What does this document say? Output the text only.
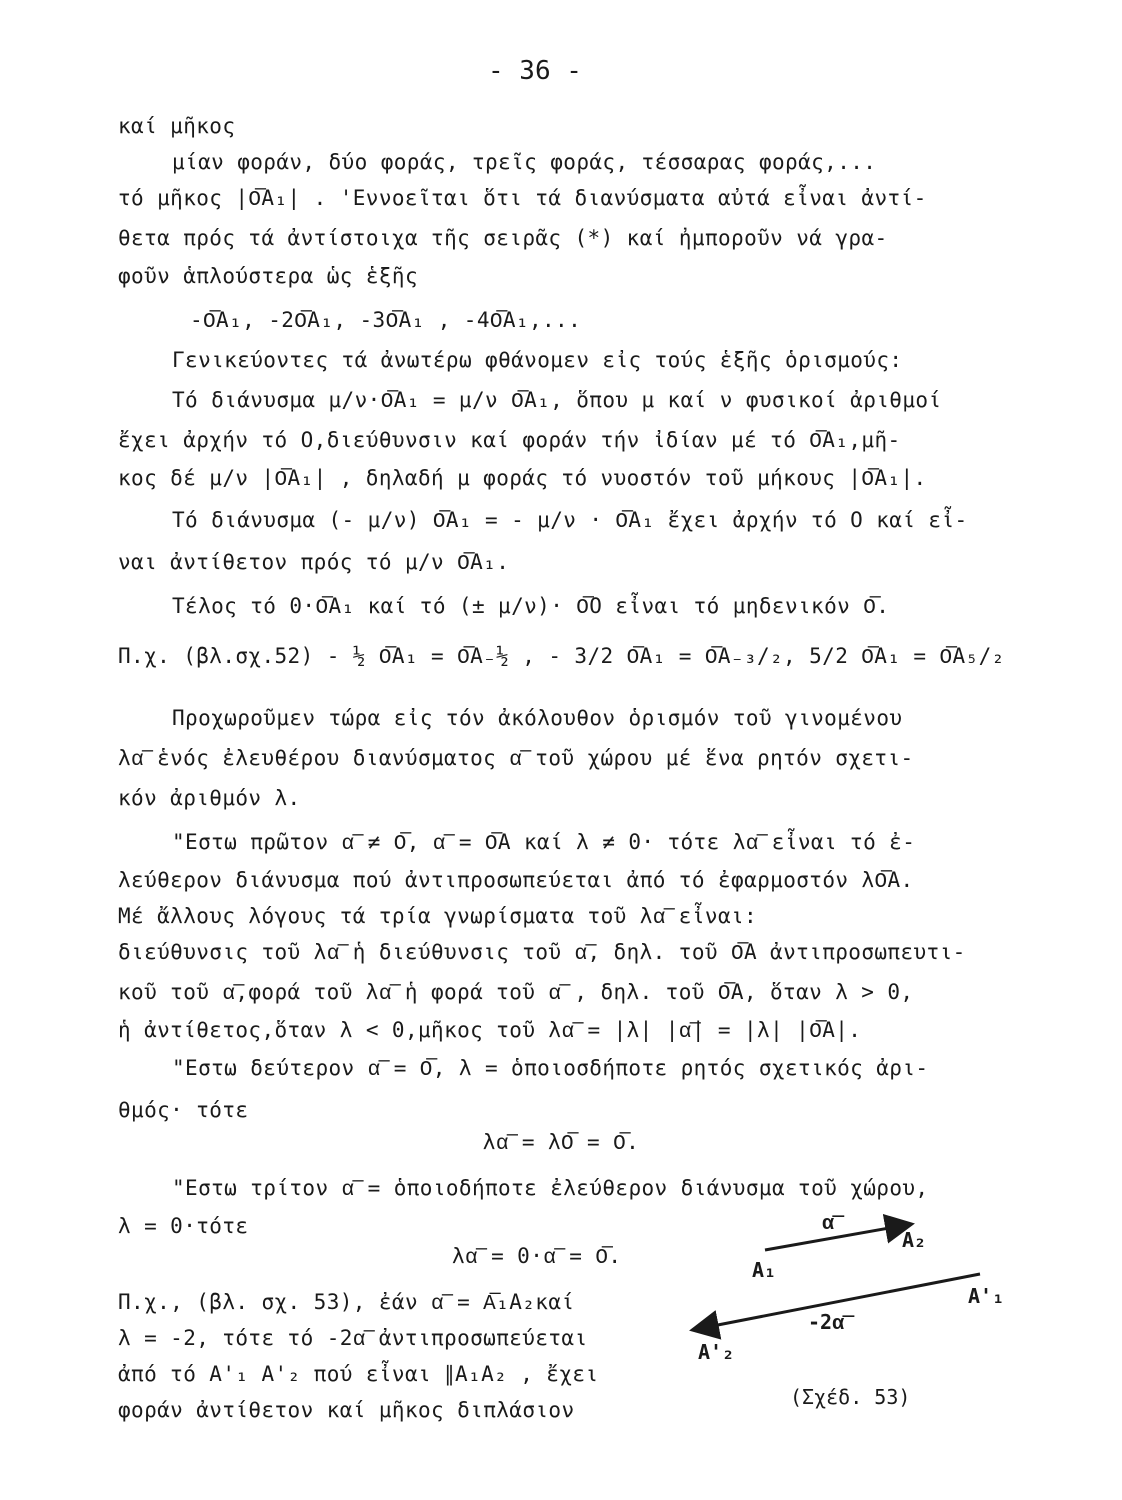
- 36 -
καί μῆκος
μίαν φοράν, δύο φοράς, τρεῖς φοράς, τέσσαρας φοράς,...
τό μῆκος |O͞A₁| . 'Εννοεῖται ὅτι τά διανύσματα αὐτά εἶναι ἀντί-
θετα πρός τά ἀντίστοιχα τῆς σειρᾶς (*) καί ἠμποροῦν νά γρα-
φοῦν ἁπλούστερα ὡς ἑξῆς
-O͞A₁, -2O͞A₁, -3O͞A₁ , -4O͞A₁,...
Γενικεύοντες τά ἀνωτέρω φθάνομεν εἰς τούς ἑξῆς ὁρισμούς:
Τό διάνυσμα μ/ν·O͞A₁ = μ/ν O͞A₁, ὅπου μ καί ν φυσικοί ἀριθμοί
ἔχει ἀρχήν τό O,διεύθυνσιν καί φοράν τήν ἰδίαν μέ τό O͞A₁,μῆ-
κος δέ μ/ν |O͞A₁| , δηλαδή μ φοράς τό νυοστόν τοῦ μήκους |O͞A₁|.
Τό διάνυσμα (- μ/ν) O͞A₁ = - μ/ν · O͞A₁ ἔχει ἀρχήν τό O καί εἶ-
ναι ἀντίθετον πρός τό μ/ν O͞A₁.
Τέλος τό 0·O͞A₁ καί τό (± μ/ν)· O͞O εἶναι τό μηδενικόν O͞.
Π.χ. (βλ.σχ.52) - ½ O͞A₁ = O͞A₋½ , - 3/2 O͞A₁ = O͞A₋₃/₂, 5/2 O͞A₁ = O͞A₅/₂
Προχωροῦμεν τώρα εἰς τόν ἀκόλουθον ὁρισμόν τοῦ γινομένου
λα͞ ἑνός ἐλευθέρου διανύσματος α͞ τοῦ χώρου μέ ἕνα ρητόν σχετι-
κόν ἀριθμόν λ.
"Εστω πρῶτον α͞ ≠ O͞, α͞ = O͞A καί λ ≠ 0· τότε λα͞ εἶναι τό ἐ-
λεύθερον διάνυσμα πού ἀντιπροσωπεύεται ἀπό τό ἐφαρμοστόν λO͞A.
Μέ ἄλλους λόγους τά τρία γνωρίσματα τοῦ λα͞ εἶναι:
διεύθυνσις τοῦ λα͞ ἡ διεύθυνσις τοῦ α͞, δηλ. τοῦ O͞A ἀντιπροσωπευτι-
κοῦ τοῦ α͞,φορά τοῦ λα͞ ἡ φορά τοῦ α͞ , δηλ. τοῦ O͞A, ὅταν λ > 0,
ἡ ἀντίθετος,ὅταν λ < 0,μῆκος τοῦ λα͞ = |λ| |α͞| = |λ| |O͞A|.
"Εστω δεύτερον α͞ = O͞, λ = ὁποιοσδήποτε ρητός σχετικός ἀρι-
θμός· τότε
λα͞ = λO͞ = O͞.
"Εστω τρίτον α͞ = ὁποιοδήποτε ἐλεύθερον διάνυσμα τοῦ χώρου,
λ = 0·τότε
λα͞ = 0·α͞ = O͞.
Π.χ., (βλ. σχ. 53), ἐάν α͞ = A͞₁A₂καί
λ = -2, τότε τό -2α͞ ἀντιπροσωπεύεται
ἀπό τό A'₁ A'₂ πού εἶναι ∥A₁A₂ , ἔχει
φοράν ἀντίθετον καί μῆκος διπλάσιον
α͞
A₂
A₁
A'₁
-2α͞
A'₂
(Σχέδ. 53)
